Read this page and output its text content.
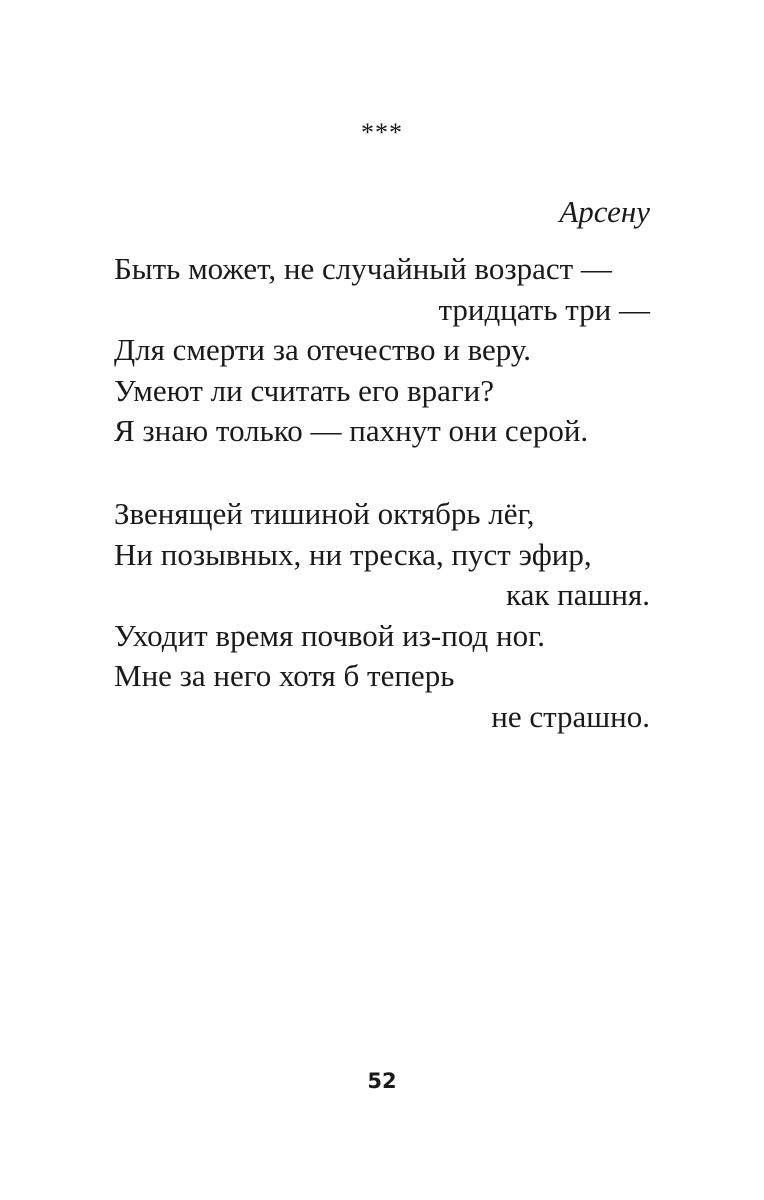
***
Арсену
Быть может, не случайный возраст —
тридцать три —
Для смерти за отечество и веру.
Умеют ли считать его враги?
Я знаю только — пахнут они серой.
Звенящей тишиной октябрь лёг,
Ни позывных, ни треска, пуст эфир,
как пашня.
Уходит время почвой из-под ног.
Мне за него хотя б теперь
не страшно.
52
